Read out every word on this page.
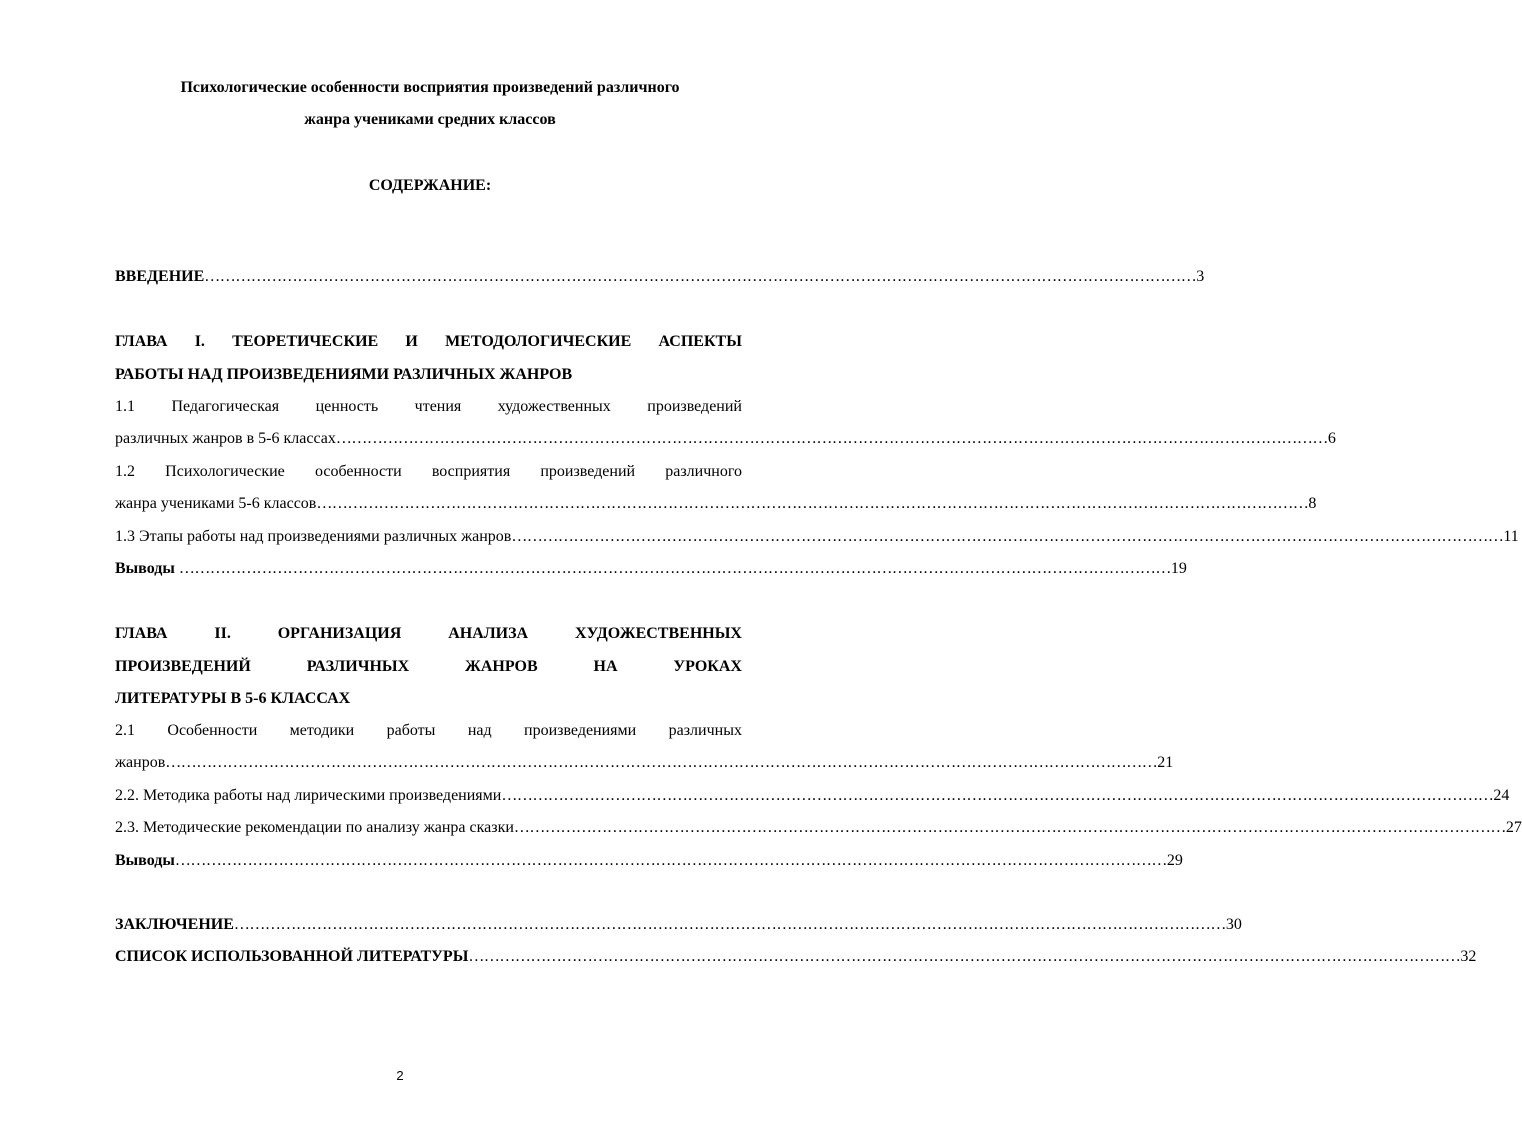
Психологические особенности восприятия произведений различного
жанра учениками средних классов
СОДЕРЖАНИЕ:
ВВЕДЕНИЕ ………………………………………………………………………………………………………………………………………………………………………… 3
ГЛАВА I. ТЕОРЕТИЧЕСКИЕ И МЕТОДОЛОГИЧЕСКИЕ АСПЕКТЫ
РАБОТЫ НАД ПРОИЗВЕДЕНИЯМИ РАЗЛИЧНЫХ ЖАНРОВ
1.1 Педагогическая ценность чтения художественных произведений
различных жанров в 5-6 классах ………………………………………………………………………………………………………………………………………………………………………… 6
1.2 Психологические особенности восприятия произведений различного
жанра учениками 5-6 классов ………………………………………………………………………………………………………………………………………………………………………… 8
1.3 Этапы работы над произведениями различных жанров ………………………………………………………………………………………………………………………………………………………………………… 11
Выводы ………………………………………………………………………………………………………………………………………………………………………… 19
ГЛАВА	II.	ОРГАНИЗАЦИЯ	АНАЛИЗА	ХУДОЖЕСТВЕННЫХ
ПРОИЗВЕДЕНИЙ	РАЗЛИЧНЫХ	ЖАНРОВ	НА	УРОКАХ
ЛИТЕРАТУРЫ В 5-6 КЛАССАХ
2.1 Особенности методики работы над произведениями различных
жанров ………………………………………………………………………………………………………………………………………………………………………… 21
2.2. Методика работы над лирическими произведениями ………………………………………………………………………………………………………………………………………………………………………… 24
2.3. Методические рекомендации по анализу жанра сказки ………………………………………………………………………………………………………………………………………………………………………… 27
Выводы ………………………………………………………………………………………………………………………………………………………………………… 29
ЗАКЛЮЧЕНИЕ ………………………………………………………………………………………………………………………………………………………………………… 30
СПИСОК ИСПОЛЬЗОВАННОЙ ЛИТЕРАТУРЫ ………………………………………………………………………………………………………………………………………………………………………… 32
2
